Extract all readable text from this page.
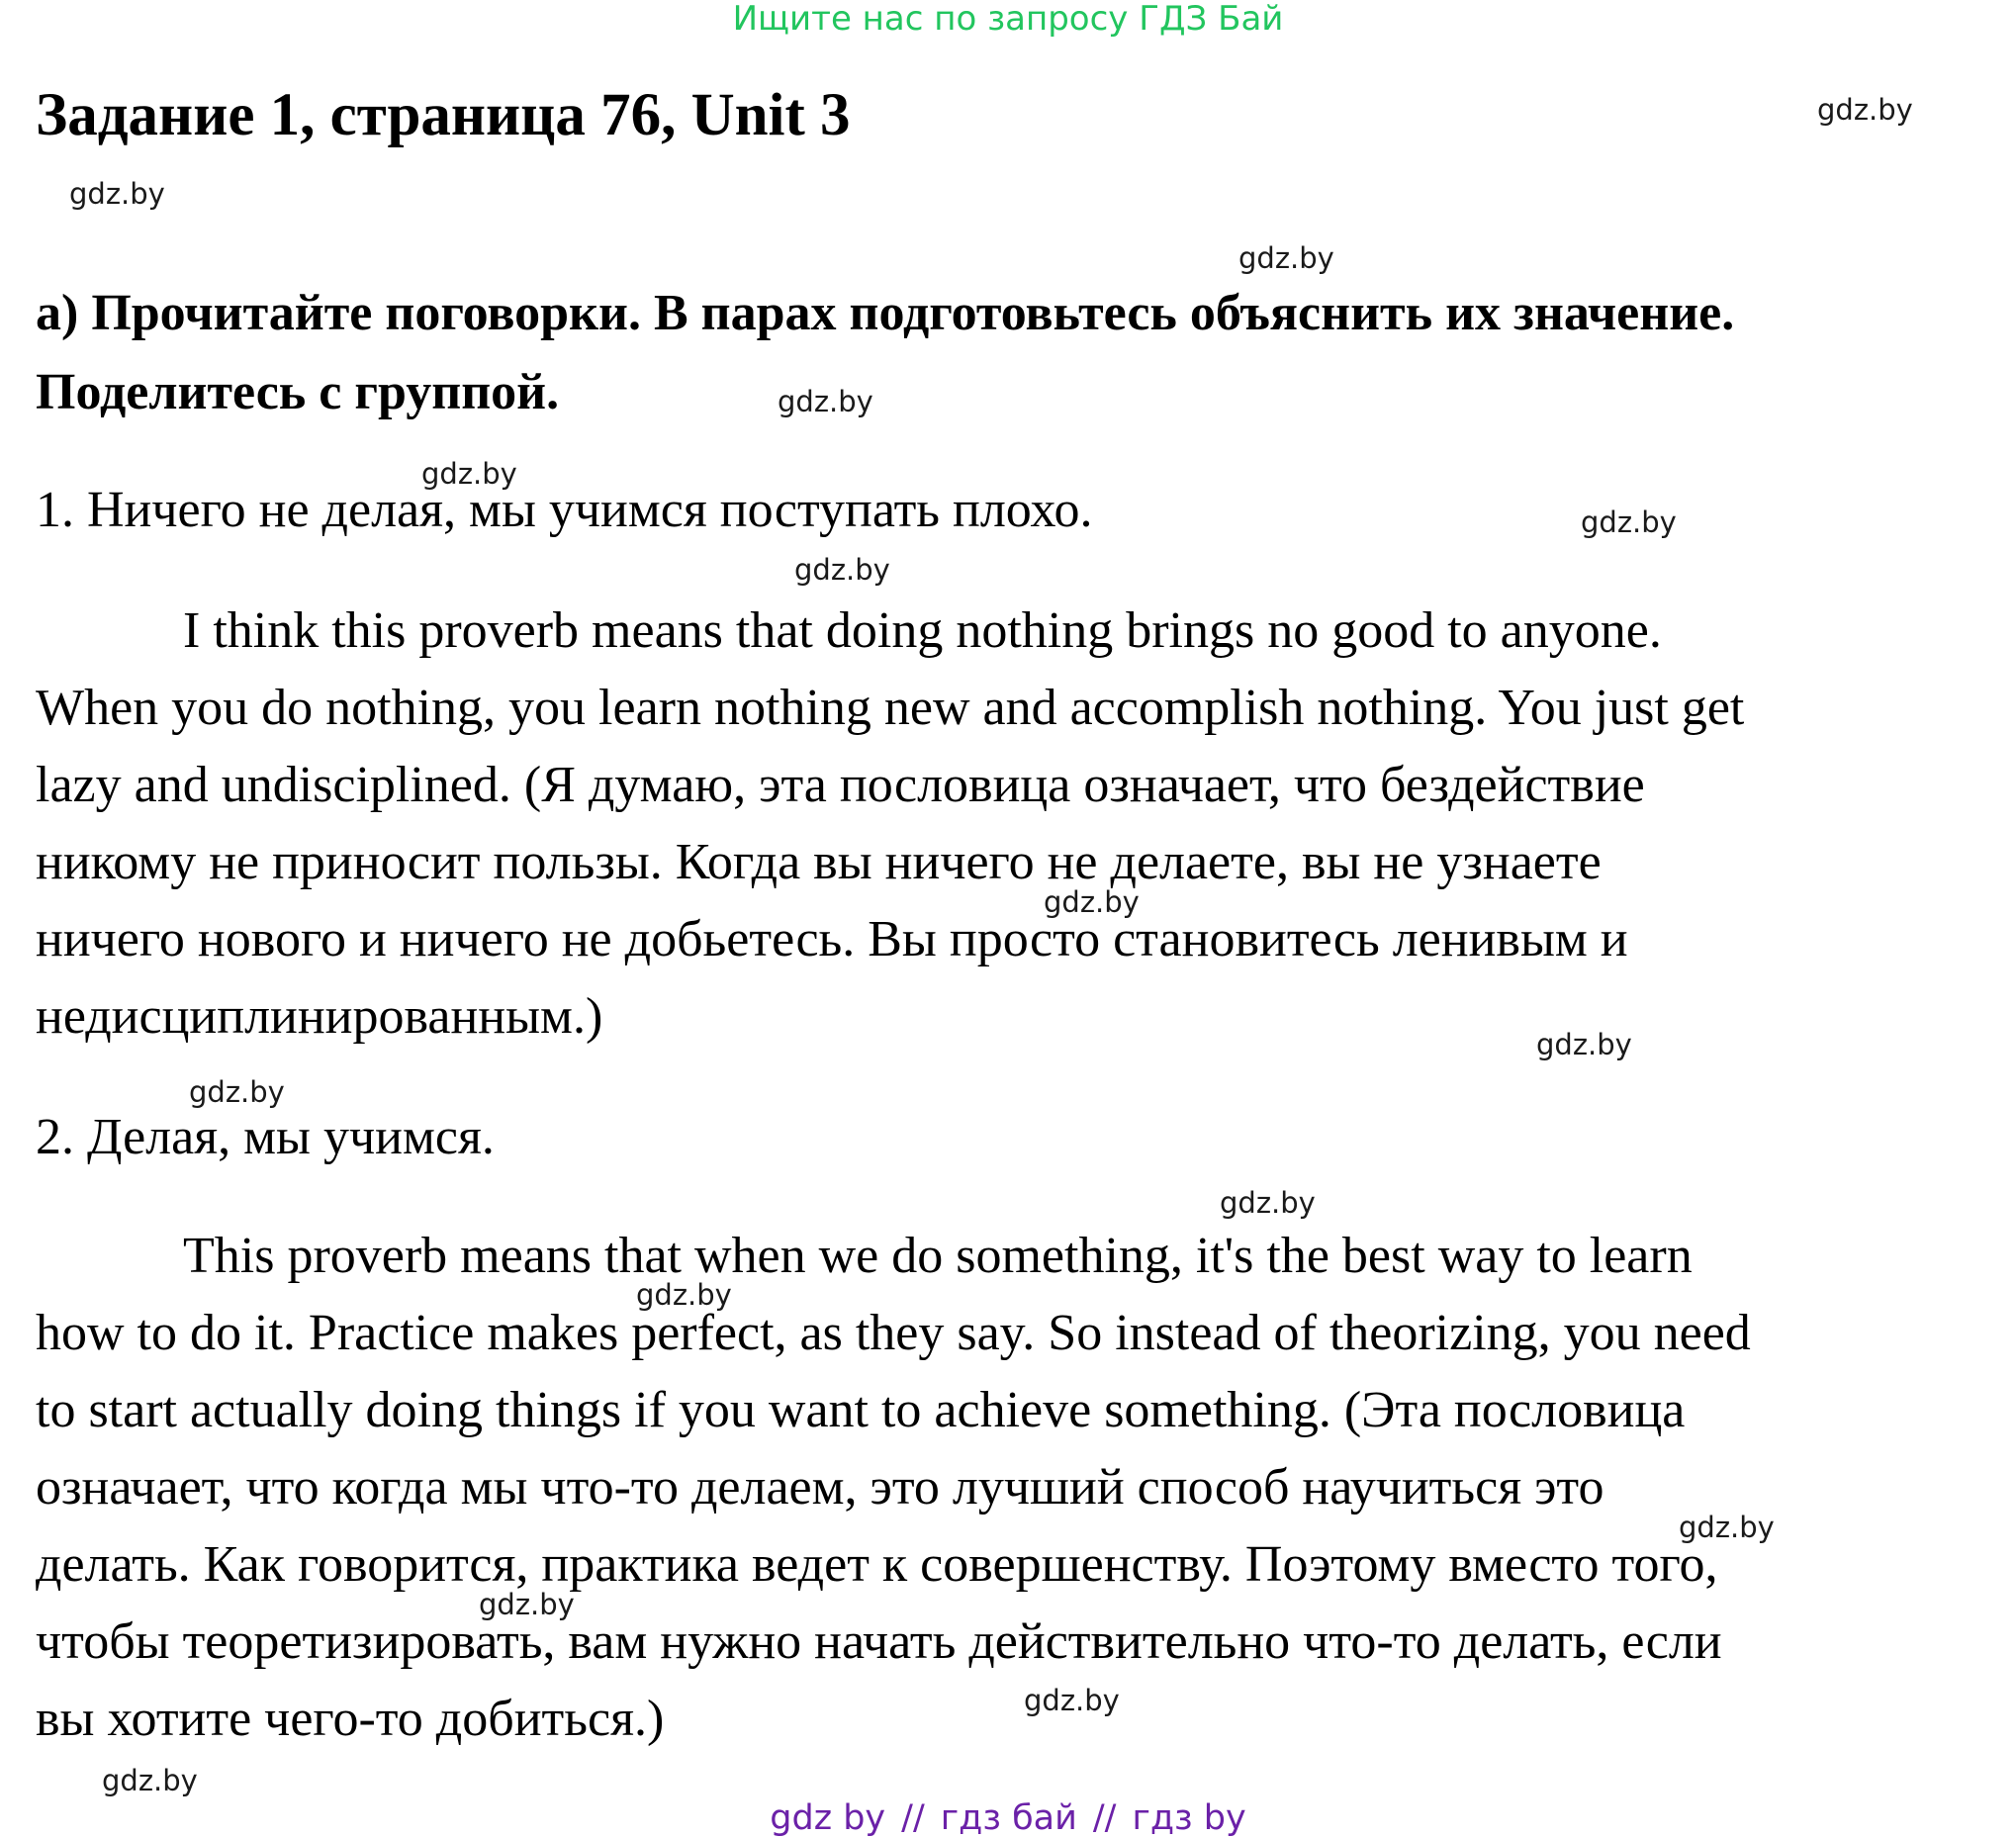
Ищите нас по запросу ГДЗ Бай
Задание 1, страница 76, Unit 3
а) Прочитайте поговорки. В парах подготовьтесь объяснить их значение.
Поделитесь с группой.
1. Ничего не делая, мы учимся поступать плохо.
I think this proverb means that doing nothing brings no good to anyone.
When you do nothing, you learn nothing new and accomplish nothing. You just get
lazy and undisciplined. (Я думаю, эта пословица означает, что бездействие
никому не приносит пользы. Когда вы ничего не делаете, вы не узнаете
ничего нового и ничего не добьетесь. Вы просто становитесь ленивым и
недисциплинированным.)
2. Делая, мы учимся.
This proverb means that when we do something, it's the best way to learn
how to do it. Practice makes perfect, as they say. So instead of theorizing, you need
to start actually doing things if you want to achieve something. (Эта пословица
означает, что когда мы что-то делаем, это лучший способ научиться это
делать. Как говорится, практика ведет к совершенству. Поэтому вместо того,
чтобы теоретизировать, вам нужно начать действительно что-то делать, если
вы хотите чего-то добиться.)
gdz.by
gdz.by
gdz.by
gdz.by
gdz.by
gdz.by
gdz.by
gdz.by
gdz.by
gdz.by
gdz.by
gdz.by
gdz.by
gdz.by
gdz.by
gdz.by
gdz by // гдз бай // гдз by
